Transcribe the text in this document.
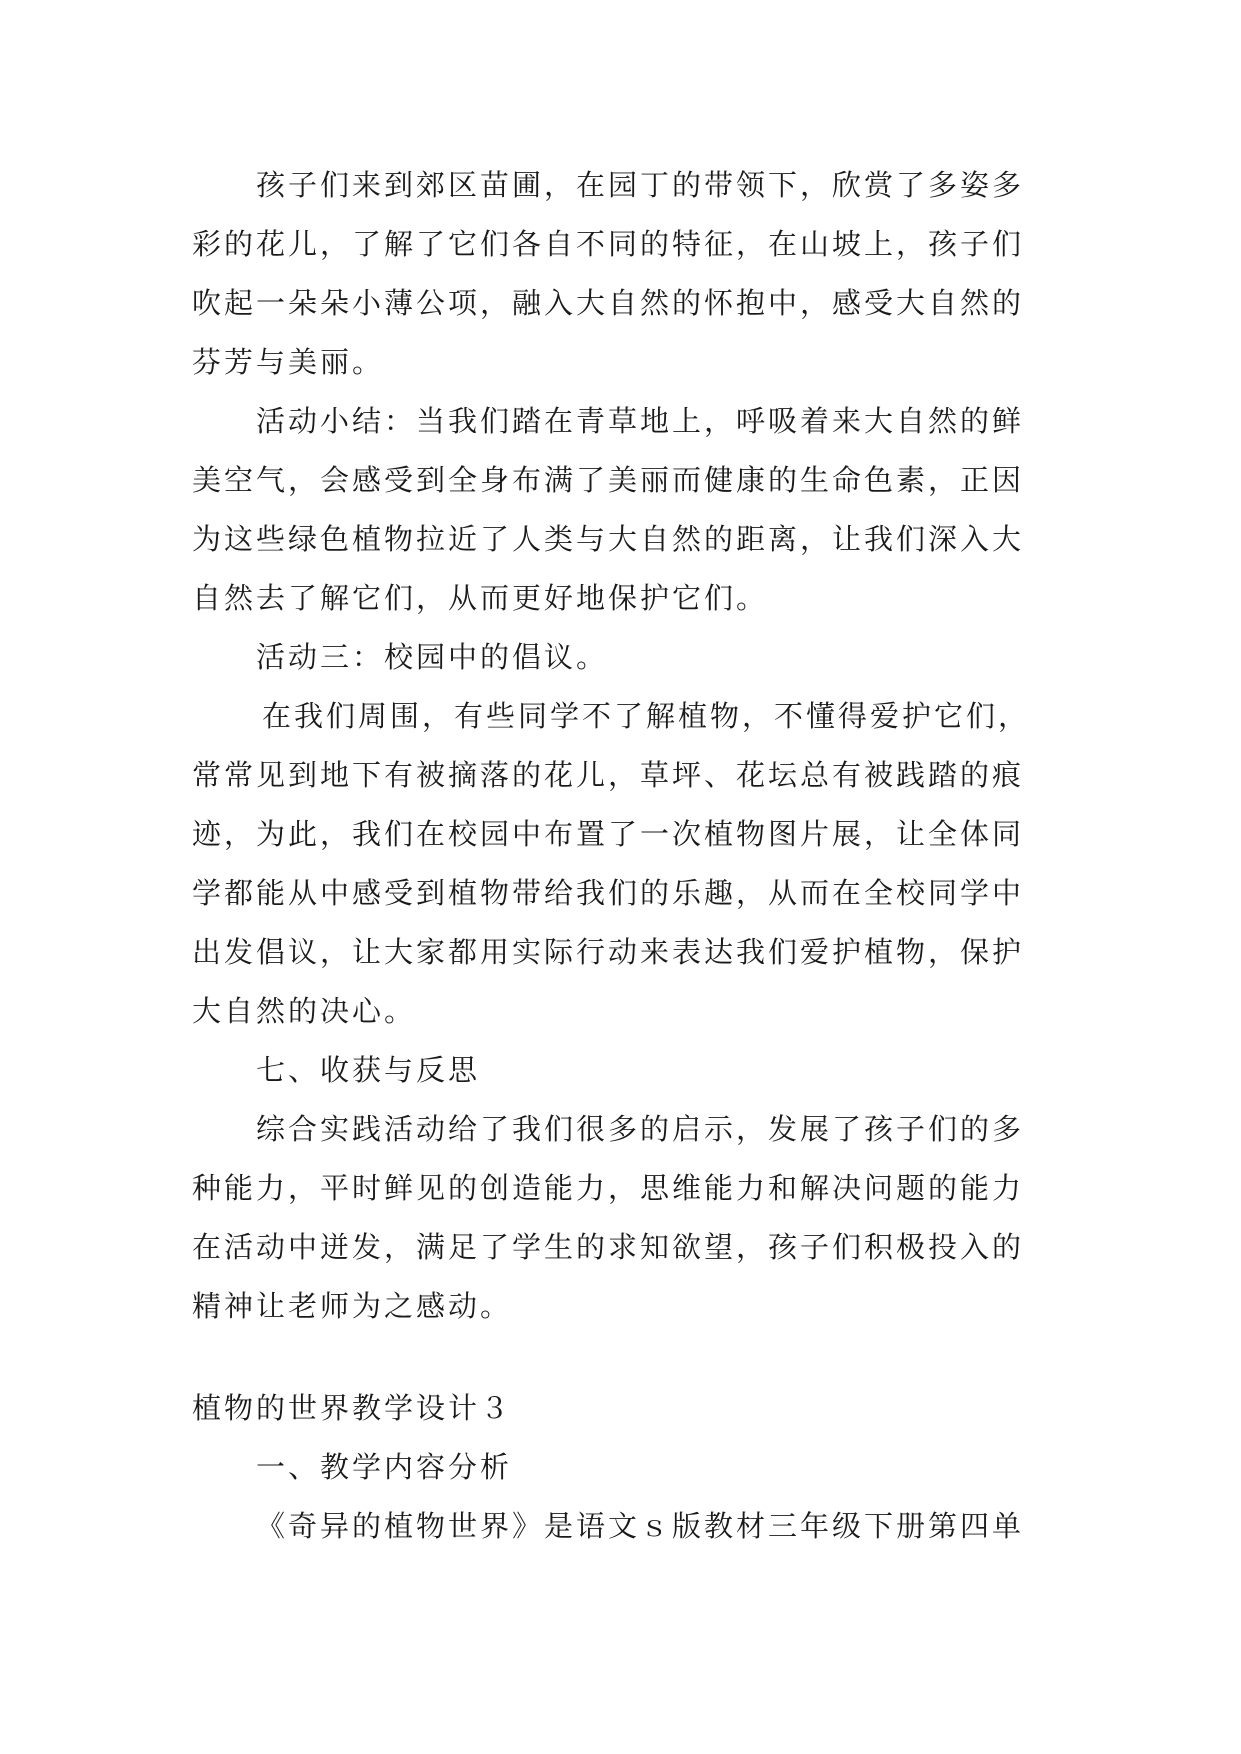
孩子们来到郊区苗圃，在园丁的带领下，欣赏了多姿多
彩的花儿，了解了它们各自不同的特征，在山坡上，孩子们
吹起一朵朵小薄公项，融入大自然的怀抱中，感受大自然的
芬芳与美丽。
活动小结：当我们踏在青草地上，呼吸着来大自然的鲜
美空气，会感受到全身布满了美丽而健康的生命色素，正因
为这些绿色植物拉近了人类与大自然的距离，让我们深入大
自然去了解它们，从而更好地保护它们。
活动三：校园中的倡议。
在我们周围，有些同学不了解植物，不懂得爱护它们，
常常见到地下有被摘落的花儿，草坪、花坛总有被践踏的痕
迹，为此，我们在校园中布置了一次植物图片展，让全体同
学都能从中感受到植物带给我们的乐趣，从而在全校同学中
出发倡议，让大家都用实际行动来表达我们爱护植物，保护
大自然的决心。
七、收获与反思
综合实践活动给了我们很多的启示，发展了孩子们的多
种能力，平时鲜见的创造能力，思维能力和解决问题的能力
在活动中迸发，满足了学生的求知欲望，孩子们积极投入的
精神让老师为之感动。
植物的世界教学设计３
一、教学内容分析
《奇异的植物世界》是语文ｓ版教材三年级下册第四单
